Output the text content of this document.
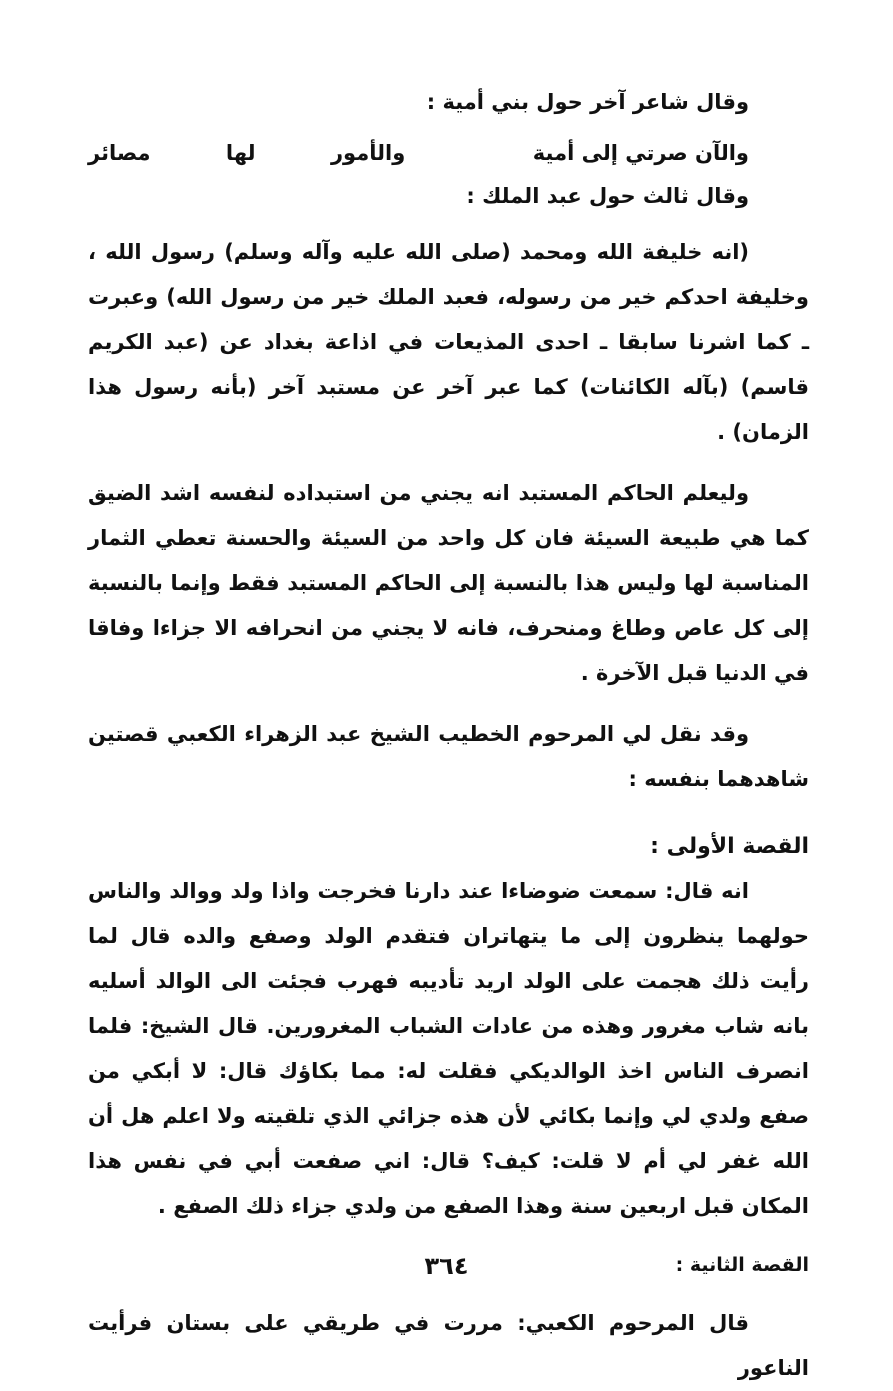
وقال شاعر آخر حول بني أمية :

والآن صرتي إلى أمية
والأمور لها مصائر

وقال ثالث حول عبد الملك :

(انه خليفة الله ومحمد (صلى الله عليه وآله وسلم) رسول الله ، وخليفة احدكم خير من رسوله، فعبد الملك خير من رسول الله) وعبرت ـ كما اشرنا سابقا ـ احدى المذيعات في اذاعة بغداد عن (عبد الكريم قاسم) (بآله الكائنات) كما عبر آخر عن مستبد آخر (بأنه رسول هذا الزمان) .

وليعلم الحاكم المستبد انه يجني من استبداده لنفسه اشد الضيق كما هي طبيعة السيئة فان كل واحد من السيئة والحسنة تعطي الثمار المناسبة لها وليس هذا بالنسبة إلى الحاكم المستبد فقط وإنما بالنسبة إلى كل عاص وطاغ ومنحرف، فانه لا يجني من انحرافه الا جزاءا وفاقا في الدنيا قبل الآخرة .

وقد نقل لي المرحوم الخطيب الشيخ عبد الزهراء الكعبي قصتين شاهدهما بنفسه :

القصة الأولى :

انه قال: سمعت ضوضاءا عند دارنا فخرجت واذا ولد ووالد والناس حولهما ينظرون إلى ما يتهاتران فتقدم الولد وصفع والده قال لما رأيت ذلك هجمت على الولد اريد تأديبه فهرب فجئت الى الوالد أسليه بانه شاب مغرور وهذه من عادات الشباب المغرورين. قال الشيخ: فلما انصرف الناس اخذ الوالديكي فقلت له: مما بكاؤك قال: لا أبكي من صفع ولدي لي وإنما بكائي لأن هذه جزائي الذي تلقيته ولا اعلم هل أن الله غفر لي أم لا قلت: كيف؟ قال: اني صفعت أبي في نفس هذا المكان قبل اربعين سنة وهذا الصفع من ولدي جزاء ذلك الصفع .

القصة الثانية :

قال المرحوم الكعبي: مررت في طريقي على بستان فرأيت الناعور

٣٦٤
